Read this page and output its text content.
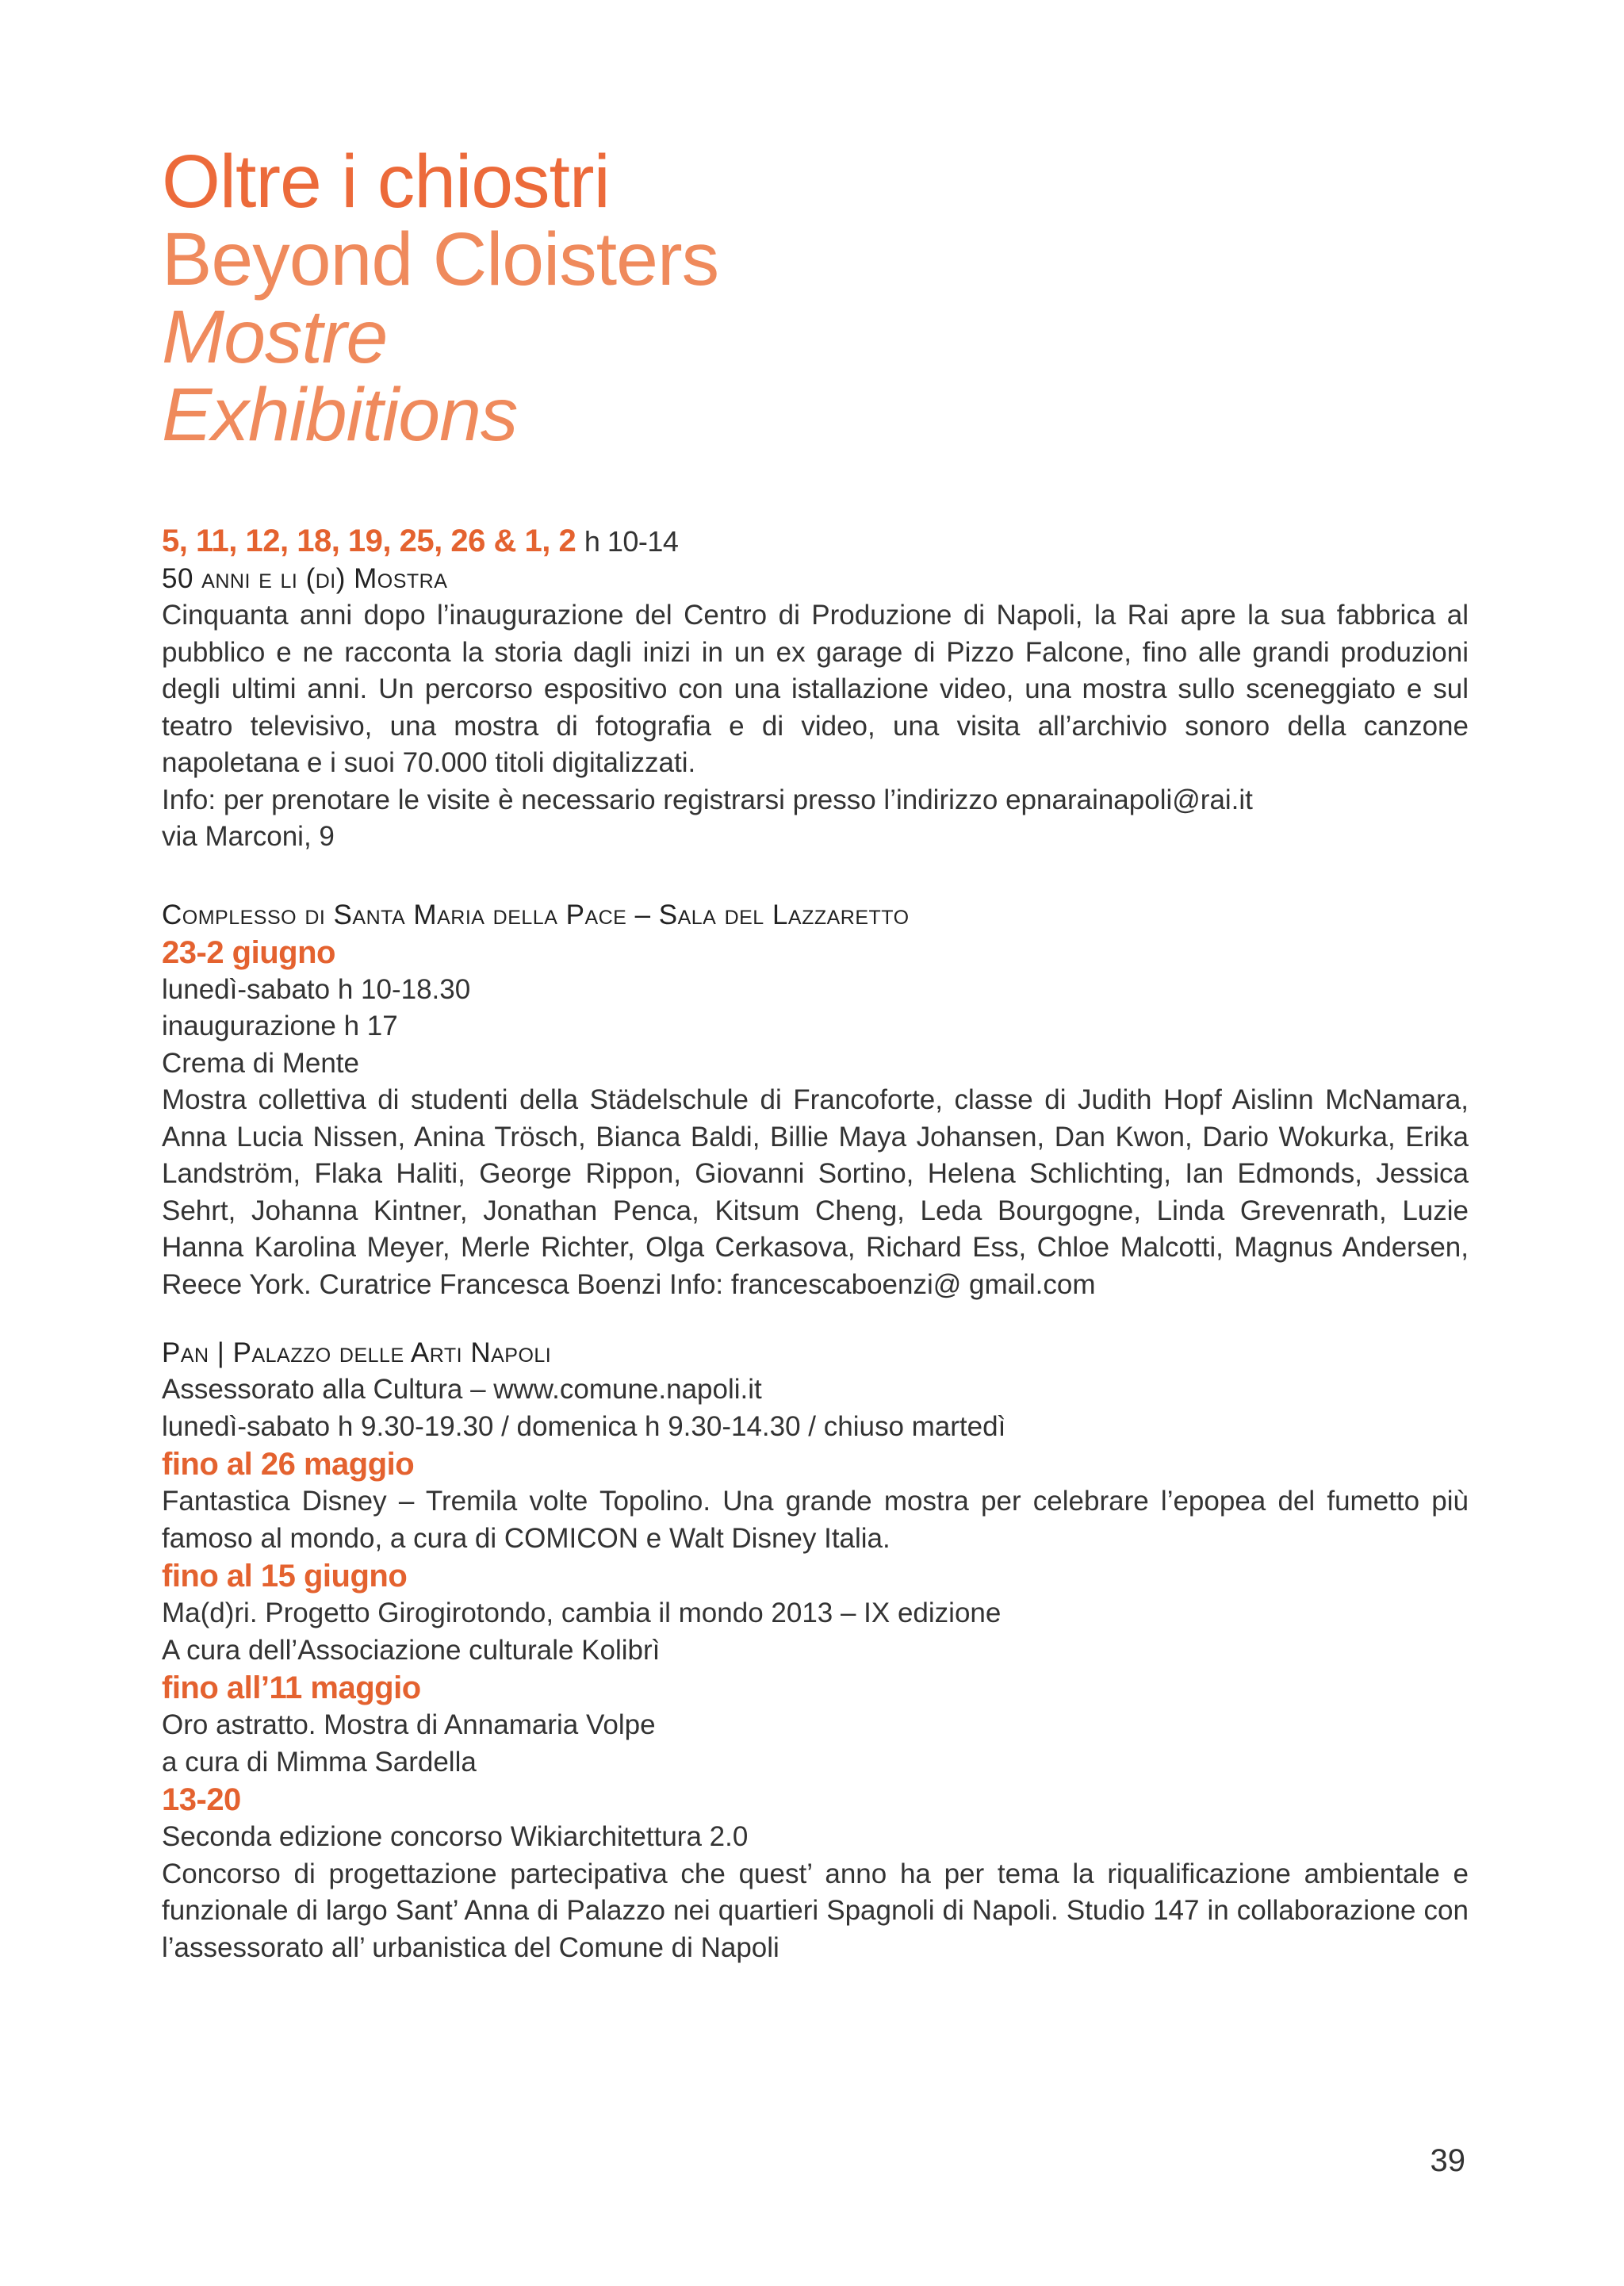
Oltre i chiostri
Beyond Cloisters
Mostre
Exhibitions
5, 11, 12, 18, 19, 25, 26 & 1, 2 h 10-14
50 anni e li (di) Mostra

Cinquanta anni dopo l’inaugurazione del Centro di Produzione di Napoli, la Rai apre la sua fabbrica al pubblico e ne racconta la storia dagli inizi in un ex garage di Pizzo Falcone, fino alle grandi produzioni degli ultimi anni. Un percorso espositivo con una istallazione video, una mostra sullo sceneggiato e sul teatro televisivo, una mostra di fotografia e di video, una visita all’archivio sonoro della canzone napoletana e i suoi 70.000 titoli digitalizzati.

Info: per prenotare le visite è necessario registrarsi presso l’indirizzo epnarainapoli@rai.it

via Marconi, 9

Complesso di Santa Maria della Pace – Sala del Lazzaretto
23-2 giugno

lunedì-sabato h 10-18.30

inaugurazione h 17

Crema di Mente

Mostra collettiva di studenti della Städelschule di Francoforte, classe di Judith Hopf Aislinn McNamara, Anna Lucia Nissen, Anina Trösch, Bianca Baldi, Billie Maya Johansen, Dan Kwon, Dario Wokurka, Erika Landström, Flaka Haliti, George Rippon, Giovanni Sortino, Helena Schlichting, Ian Edmonds, Jessica Sehrt, Johanna Kintner, Jonathan Penca, Kitsum Cheng, Leda Bourgogne, Linda Grevenrath, Luzie Hanna Karolina Meyer, Merle Richter, Olga Cerkasova, Richard Ess, Chloe Malcotti, Magnus Andersen, Reece York. Curatrice Francesca Boenzi Info: francescaboenzi@ gmail.com

Pan | Palazzo delle Arti Napoli

Assessorato alla Cultura – www.comune.napoli.it

lunedì-sabato h 9.30-19.30 / domenica h 9.30-14.30 / chiuso martedì

fino al 26 maggio

Fantastica Disney – Tremila volte Topolino. Una grande mostra per celebrare l’epopea del fumetto più famoso al mondo, a cura di COMICON e Walt Disney Italia.

fino al 15 giugno

Ma(d)ri. Progetto Girogirotondo, cambia il mondo 2013 – IX edizione

A cura dell’Associazione culturale Kolibrì

fino all’11 maggio

Oro astratto. Mostra di Annamaria Volpe

a cura di Mimma Sardella

13-20

Seconda edizione concorso Wikiarchitettura 2.0

Concorso di progettazione partecipativa che quest’ anno ha per tema la riqualificazione ambientale e funzionale di largo Sant’ Anna di Palazzo nei quartieri Spagnoli di Napoli. Studio 147 in collaborazione con l’assessorato all’ urbanistica del Comune di Napoli

39
